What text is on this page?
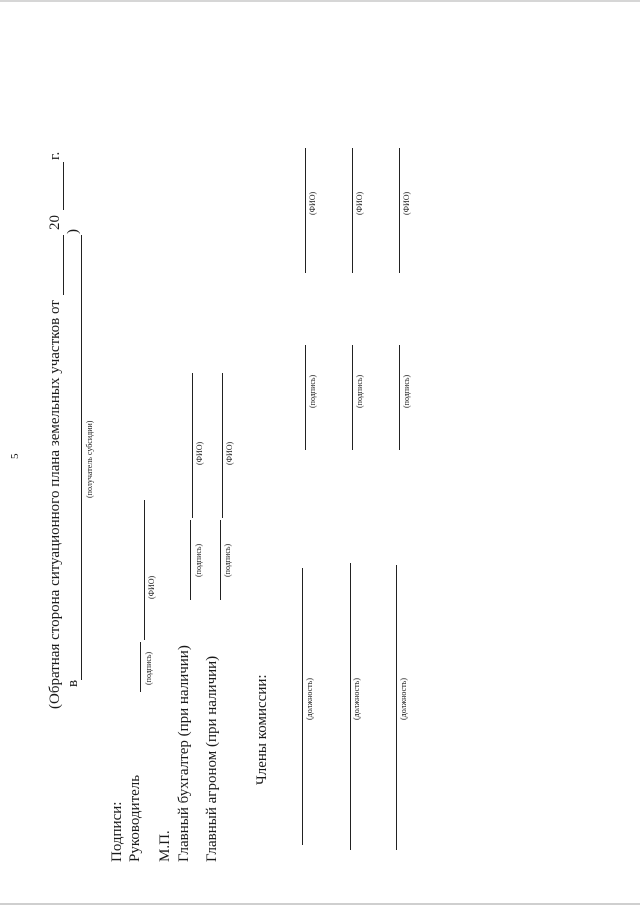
5 (Обратная сторона ситуационного плана земельных участков от
20
г.
в
)
(получатель субсидии)
Подписи: Руководитель
(подпись)
(ФИО)
М.П. Главный бухгалтер (при наличии)
(подпись)
(ФИО)
Главный агроном (при наличии)
(подпись)
(ФИО)
Члены комиссии:	(должность)
(подпись)
(ФИО)
(должность)
(подпись)
(ФИО)
(должность)
(подпись)
(ФИО)
